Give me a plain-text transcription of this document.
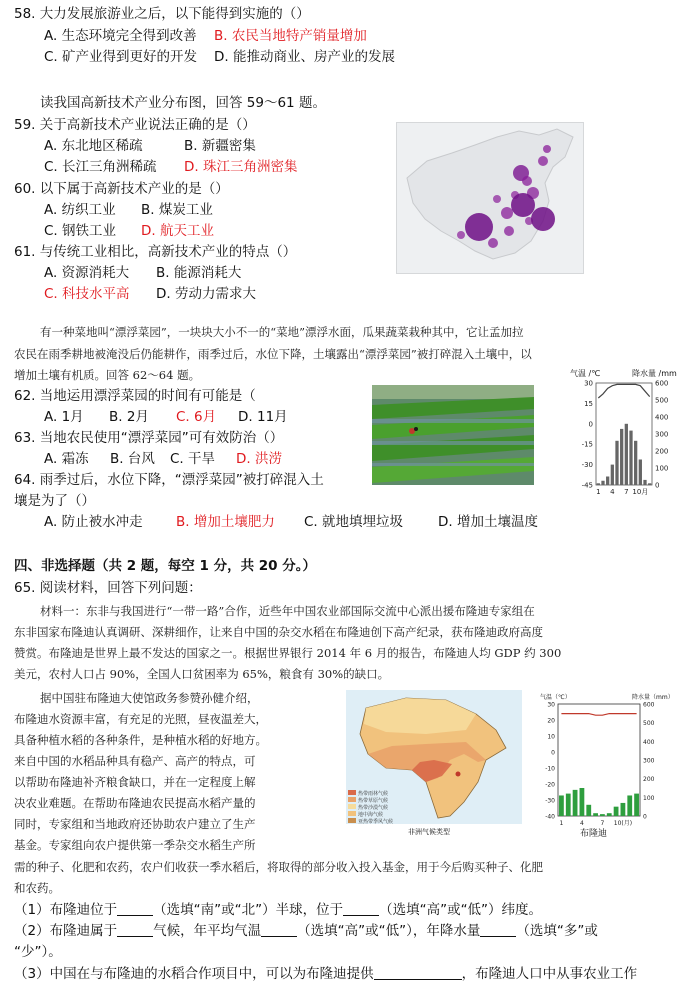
58. 大力发展旅游业之后，以下能得到实施的（）
A. 生态环境完全得到改善 B. 农民当地特产销量增加
C. 矿产业得到更好的开发 D. 能推动商业、房产业的发展
读我国高新技术产业分布图，回答 59～61 题。
59. 关于高新技术产业说法正确的是（）
A. 东北地区稀疏	B. 新疆密集
C. 长江三角洲稀疏 D. 珠江三角洲密集
60. 以下属于高新技术产业的是（）
A. 纺织工业 B. 煤炭工业
C. 钢铁工业 D. 航天工业
61. 与传统工业相比，高新技术产业的特点（）
A. 资源消耗大 B. 能源消耗大
C. 科技水平高 D. 劳动力需求大
有一种菜地叫“漂浮菜园”，一块块大小不一的“菜地”漂浮水面，瓜果蔬菜栽种其中，它让孟加拉
农民在雨季耕地被淹没后仍能耕作，雨季过后，水位下降，土壤露出“漂浮菜园”被打碎混入土壤中，以
增加土壤有机质。回答 62～64 题。
62. 当地运用漂浮菜园的时间有可能是（
A. 1月 B. 2月 C. 6月 D. 11月
63. 当地农民使用“漂浮菜园”可有效防治（）
A. 霜冻 B. 台风 C. 干旱 D. 洪涝
64. 雨季过后，水位下降，“漂浮菜园”被打碎混入土
壤是为了（）
A. 防止被水冲走 B. 增加土壤肥力 C. 就地填埋垃圾	D. 增加土壤温度
气温 /℃	降水量 /mm
30
15
0
-15
-30
-45
600
500
400
300
200
100
0
1 4 7 10月
四、非选择题（共 2 题，每空 1 分，共 20 分。）
65. 阅读材料，回答下列问题：
材料一：东非与我国进行“一带一路”合作，近些年中国农业部国际交流中心派出援布隆迪专家组在
东非国家布隆迪认真调研、深耕细作，让来自中国的杂交水稻在布隆迪创下高产纪录，获布隆迪政府高度
赞赏。布隆迪是世界上最不发达的国家之一。根据世界银行 2014 年 6 月的报告，布隆迪人均 GDP 约 300
美元，农村人口占 90%，全国人口贫困率为 65%，粮食有 30%的缺口。
据中国驻布隆迪大使馆政务参赞孙健介绍，
布隆迪水资源丰富，有充足的光照，昼夜温差大，
具备种植水稻的各种条件，是种植水稻的好地方。
来自中国的水稻品种具有稳产、高产的特点，可
以帮助布隆迪补齐粮食缺口，并在一定程度上解
决农业难题。在帮助布隆迪农民提高水稻产量的
同时，专家组和当地政府还协助农户建立了生产
基金。专家组向农户提供第一季杂交水稻生产所
需的种子、化肥和农药，农户们收获一季水稻后，将取得的部分收入投入基金，用于今后购买种子、化肥
和农药。
热带雨林气候
热带草原气候
热带沙漠气候
地中海气候
亚热带季风气候
非洲气候类型
气温（℃）	降水量（mm）
30
20
10
0
-10
-20
-30
-40
600
500
400
300
200
100
0
1	4	7 10(月)
布隆迪
（1）布隆迪位于	（选填“南”或“北”）半球，位于	（选填“高”或“低”）纬度。
（2）布隆迪属于	气候，年平均气温	（选填“高”或“低”），年降水量	（选填“多”或
“少”）。
（3）中国在与布隆迪的水稻合作项目中，可以为布隆迪提供	，布隆迪人口中从事农业工作
